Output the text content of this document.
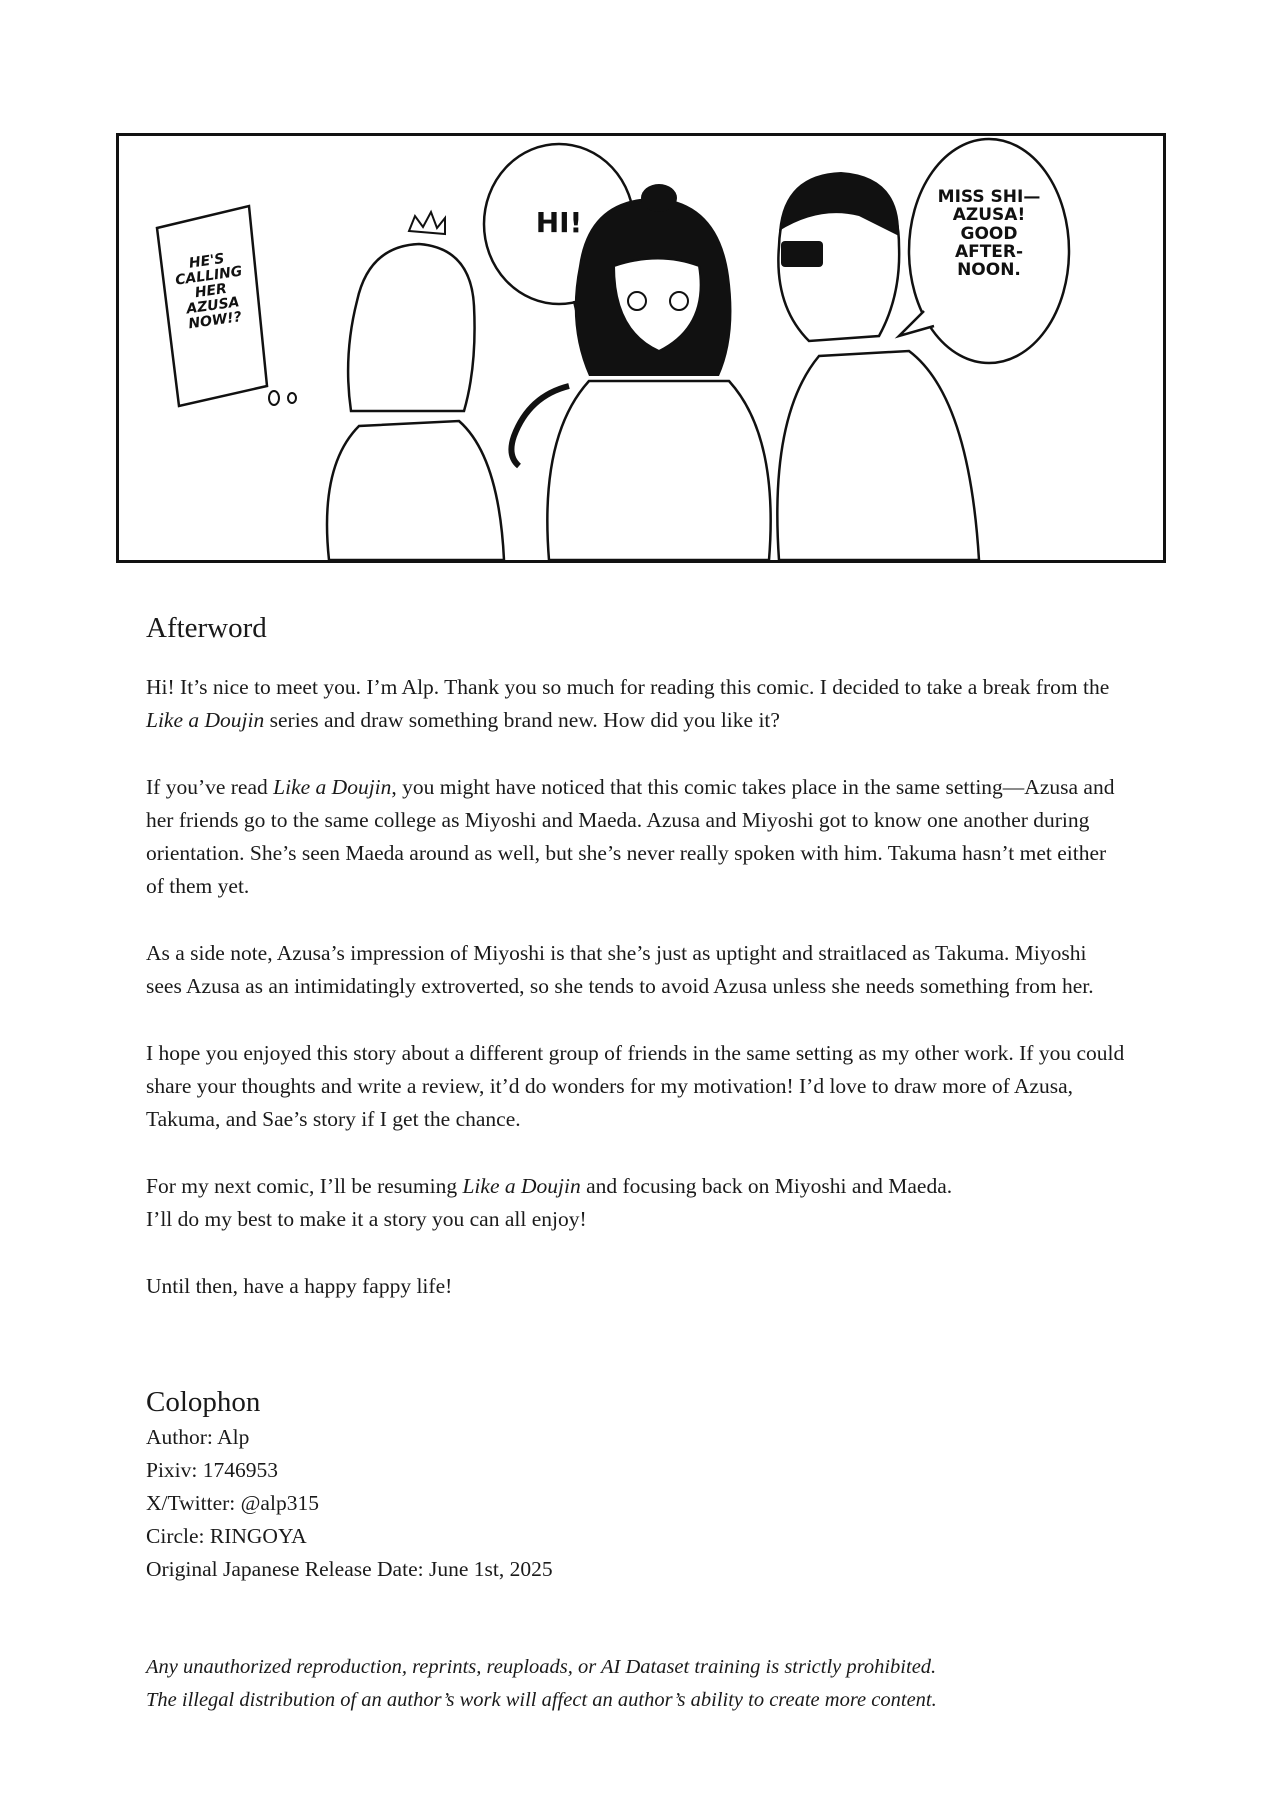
HE'S
CALLING
HER
AZUSA
NOW!?
HI!
MISS SHI—
AZUSA!
GOOD
AFTER-
NOON.
Afterword

Hi! It’s nice to meet you. I’m Alp. Thank you so much for reading this comic. I decided to take a break from the Like a Doujin series and draw something brand new. How did you like it?

If you’ve read Like a Doujin, you might have noticed that this comic takes place in the same setting—Azusa and her friends go to the same college as Miyoshi and Maeda. Azusa and Miyoshi got to know one another during orientation. She’s seen Maeda around as well, but she’s never really spoken with him. Takuma hasn’t met either of them yet.

As a side note, Azusa’s impression of Miyoshi is that she’s just as uptight and straitlaced as Takuma. Miyoshi sees Azusa as an intimidatingly extroverted, so she tends to avoid Azusa unless she needs something from her.

I hope you enjoyed this story about a different group of friends in the same setting as my other work. If you could share your thoughts and write a review, it’d do wonders for my motivation! I’d love to draw more of Azusa, Takuma, and Sae’s story if I get the chance.

For my next comic, I’ll be resuming Like a Doujin and focusing back on Miyoshi and Maeda.
I’ll do my best to make it a story you can all enjoy!

Until then, have a happy fappy life!

Colophon
Author: Alp
Pixiv: 1746953
X/Twitter: @alp315
Circle: RINGOYA
Original Japanese Release Date: June 1st, 2025
Any unauthorized reproduction, reprints, reuploads, or AI Dataset training is strictly prohibited.
The illegal distribution of an author’s work will affect an author’s ability to create more content.
